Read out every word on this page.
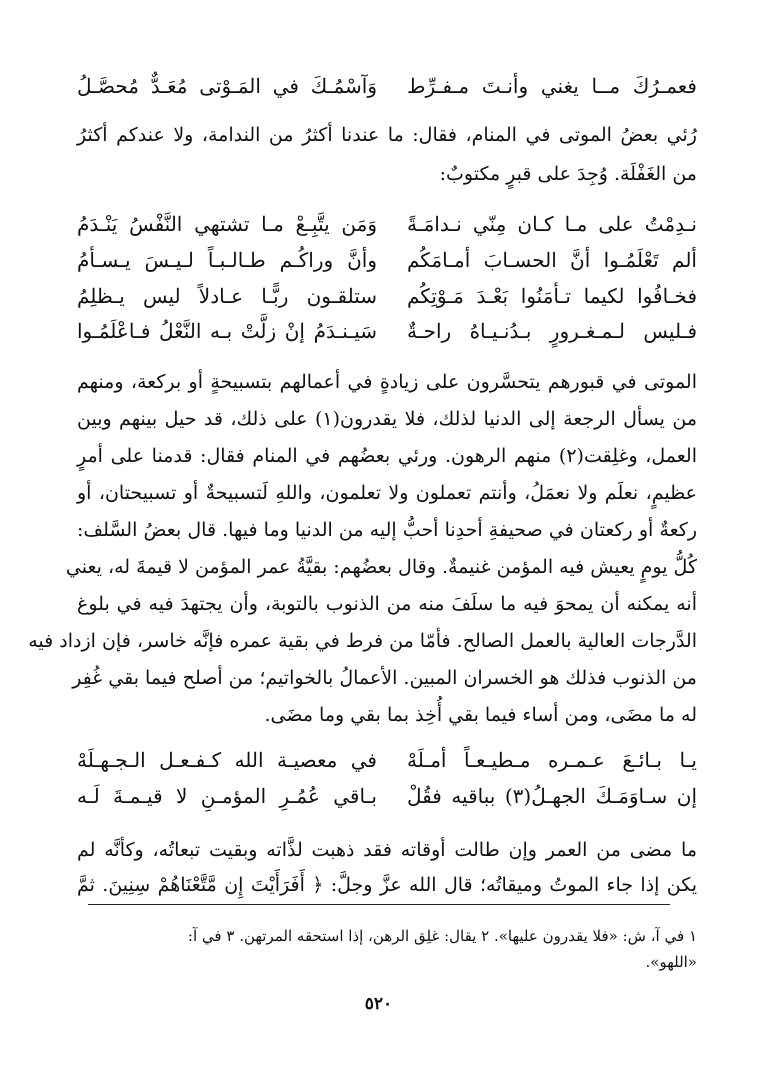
فعمـرُكَ مــا يغني وأنـتَ مـفـرِّط
وَآسْمُـكَ في المَـوْتى مُعَـدٌّ مُحصَّـلُ
رُئي بعضُ الموتى في المنام، فقال: ما عندنا أكثرُ من الندامة، ولا عندكم أكثرُ
من الغَفْلَة. وُجِدَ على قبرٍ مكتوبٌ:
نـدِمْتُ على مـا كـان مِنّي نـدامَـةً
وَمَن يتَّبِـعْ مـا تشتهي النَّفْسُ يَنْـدَمُ
ألم تَعْلَمُـوا أنَّ الحسـابَ أمـامَكُم
وأنَّ وراكُـم طـالـبـاً لـيـسَ يـسـأمُ
فخـافُوا لكيما تـأمَنُوا بَعْـدَ مَـوْتِكُم
ستلقـون ربًّـا عـادلاً ليس يـظلِمُ
فـليس لـمـغـرورٍ بـدُنـيـاهُ راحـةٌ
سَيـنـدَمُ إنْ زلَّتْ بـه النَّعْلُ فـاعْلَمُـوا
الموتى في قبورهم يتحسَّرون على زيادةٍ في أعمالهم بتسبيحةٍ أو بركعة، ومنهم
من يسأل الرجعة إلى الدنيا لذلك، فلا يقدرون(١) على ذلك، قد حيل بينهم وبين
العمل، وغلِقت(٢) منهم الرهون. ورئي بعضُهم في المنام فقال: قدمنا على أمرٍ
عظيمٍ، نعلَم ولا نعمَلُ، وأنتم تعملون ولا تعلمون، واللهِ لَتسبيحةٌ أو تسبيحتان، أو
ركعةٌ أو ركعتان في صحيفةِ أحدِنا أحبُّ إليه من الدنيا وما فيها. قال بعضُ السَّلف:
كُلُّ يومٍ يعيش فيه المؤمن غنيمةٌ. وقال بعضُهم: بقيَّةُ عمر المؤمن لا قيمةَ له، يعني
أنه يمكنه أن يمحوَ فيه ما سلَفَ منه من الذنوب بالتوبة، وأن يجتهدَ فيه في بلوغ
الدَّرجات العالية بالعمل الصالح. فأمّا من فرط في بقية عمره فإنَّه خاسر، فإن ازداد فيه
من الذنوب فذلك هو الخسران المبين. الأعمالُ بالخواتيم؛ من أصلح فيما بقي غُفِر
له ما مضَى، ومن أساء فيما بقي أُخِذ بما بقي وما مضَى.
يـا بـائـعَ عـمـره مـطيـعـاً أمـلَهْ
في معصيـة الله كـفـعـل الـجـهـلَهْ
إن سـاوَمَـكَ الجهـلُ(٣) بباقيه فقُلْ
بـاقي عُمُـرِ المؤمـنِ لا قيـمـةَ لَـه
ما مضى من العمر وإن طالت أوقاته فقد ذهبت لذَّاته وبقيت تبعاتُه، وكأنَّه لم
يكن إذا جاء الموتُ وميقاتُه؛ قال الله عزَّ وجلَّ: ﴿ أَفَرَأَيْتَ إِن مَّتَّعْنَاهُمْ سِنِينَ. ثمَّ
١ في آ، ش: «فلا يقدرون عليها». ٢ يقال: غلِق الرهن، إذا استحقه المرتهن. ٣ في آ:
«اللهو».
٥٢٠
